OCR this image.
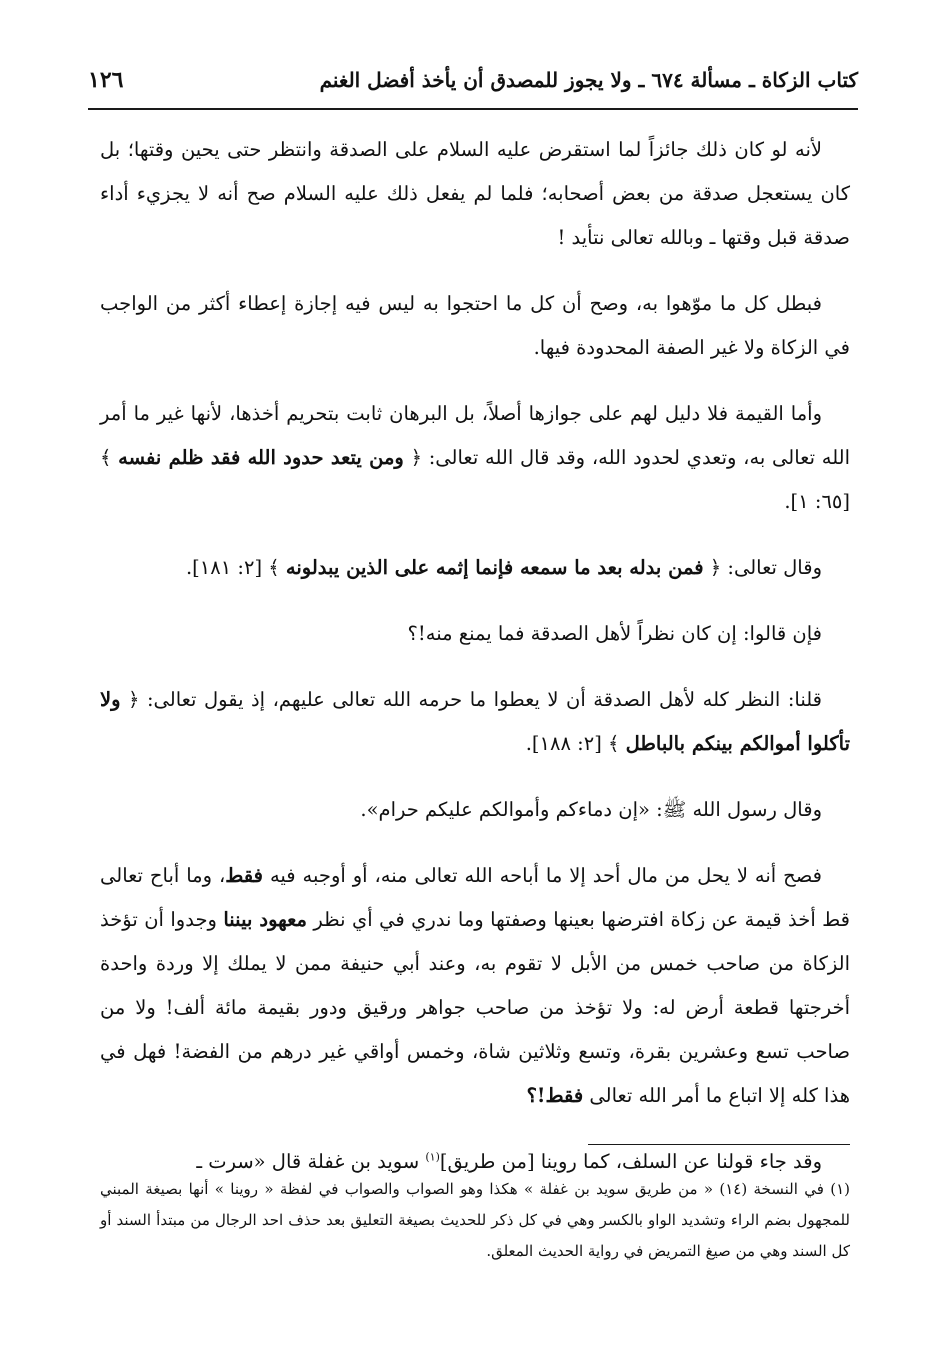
كتاب الزكاة ـ مسألة ٦٧٤ ـ ولا يجوز للمصدق أن يأخذ أفضل الغنم
١٢٦

لأنه لو كان ذلك جائزاً لما استقرض عليه السلام على الصدقة وانتظر حتى يحين وقتها؛ بل كان يستعجل صدقة من بعض أصحابه؛ فلما لم يفعل ذلك عليه السلام صح أنه لا يجزيء أداء صدقة قبل وقتها ـ وبالله تعالى نتأيد !

فبطل كل ما موّهوا به، وصح أن كل ما احتجوا به ليس فيه إجازة إعطاء أكثر من الواجب في الزكاة ولا غير الصفة المحدودة فيها.

وأما القيمة فلا دليل لهم على جوازها أصلاً، بل البرهان ثابت بتحريم أخذها، لأنها غير ما أمر الله تعالى به، وتعدي لحدود الله، وقد قال الله تعالى: ﴿ ومن يتعد حدود الله فقد ظلم نفسه ﴾ [٦٥: ١].

وقال تعالى: ﴿ فمن بدله بعد ما سمعه فإنما إثمه على الذين يبدلونه ﴾ [٢: ١٨١].

فإن قالوا: إن كان نظراً لأهل الصدقة فما يمنع منه!؟

قلنا: النظر كله لأهل الصدقة أن لا يعطوا ما حرمه الله تعالى عليهم، إذ يقول تعالى: ﴿ ولا تأكلوا أموالكم بينكم بالباطل ﴾ [٢: ١٨٨].

وقال رسول الله ﷺ: «إن دماءكم وأموالكم عليكم حرام».

فصح أنه لا يحل من مال أحد إلا ما أباحه الله تعالى منه، أو أوجبه فيه فقط، وما أباح تعالى قط أخذ قيمة عن زكاة افترضها بعينها وصفتها وما ندري في أي نظر معهود بيننا وجدوا أن تؤخذ الزكاة من صاحب خمس من الأبل لا تقوم به، وعند أبي حنيفة ممن لا يملك إلا وردة واحدة أخرجتها قطعة أرض له: ولا تؤخذ من صاحب جواهر ورقيق ودور بقيمة مائة ألف! ولا من صاحب تسع وعشرين بقرة، وتسع وثلاثين شاة، وخمس أواقي غير درهم من الفضة! فهل في هذا كله إلا اتباع ما أمر الله تعالى فقط!؟

وقد جاء قولنا عن السلف، كما روينا [من طريق]$^{(١)}$ سويد بن غفلة قال «سرت ـ

(١) في النسخة (١٤) « من طريق سويد بن غفلة » هكذا وهو الصواب والصواب في لفظة « روينا » أنها بصيغة المبني للمجهول بضم الراء وتشديد الواو بالكسر وهي في كل ذكر للحديث بصيغة التعليق بعد حذف احد الرجال من مبتدأ السند أو كل السند وهي من صيغ التمريض في رواية الحديث المعلق.
